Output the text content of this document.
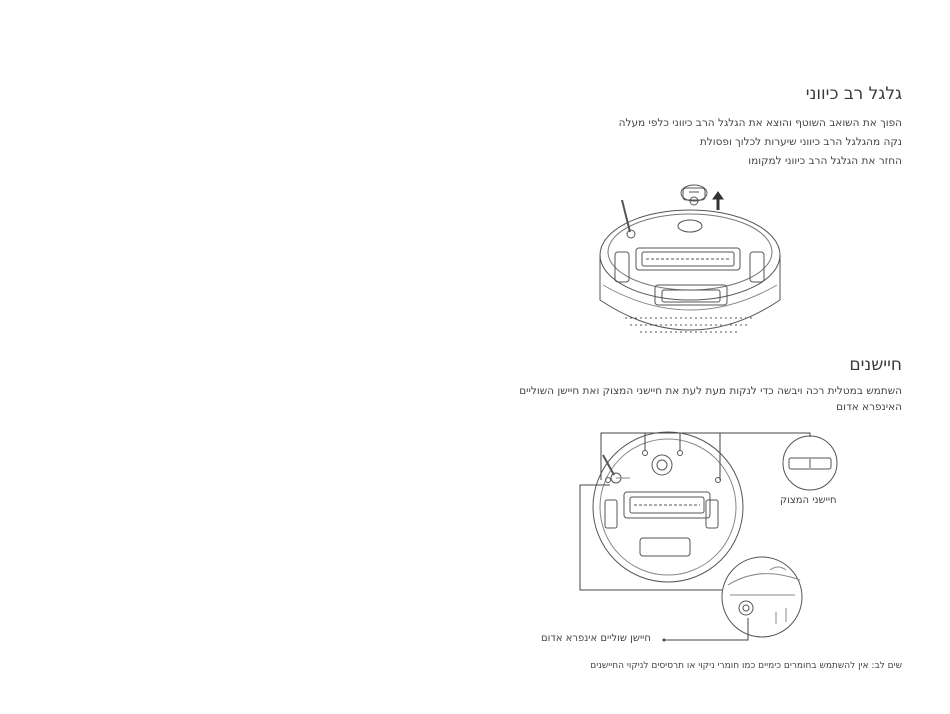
גלגל רב כיווני
הפוך את השואב השוטף והוצא את הגלגל הרב כיווני כלפי מעלה
נקה מהגלגל הרב כיווני שיערות לכלוך ופסולת
החזר את הגלגל הרב כיווני למקומו
חיישנים
השתמש במטלית רכה ויבשה כדי לנקות מעת לעת את חיישני המצוק ואת חיישן השוליים האינפרא אדום
חיישני המצוק
חיישן שוליים אינפרא אדום
שים לב: אין להשתמש בחומרים כימיים כמו חומרי ניקוי או תרסיסים לניקוי החיישנים
